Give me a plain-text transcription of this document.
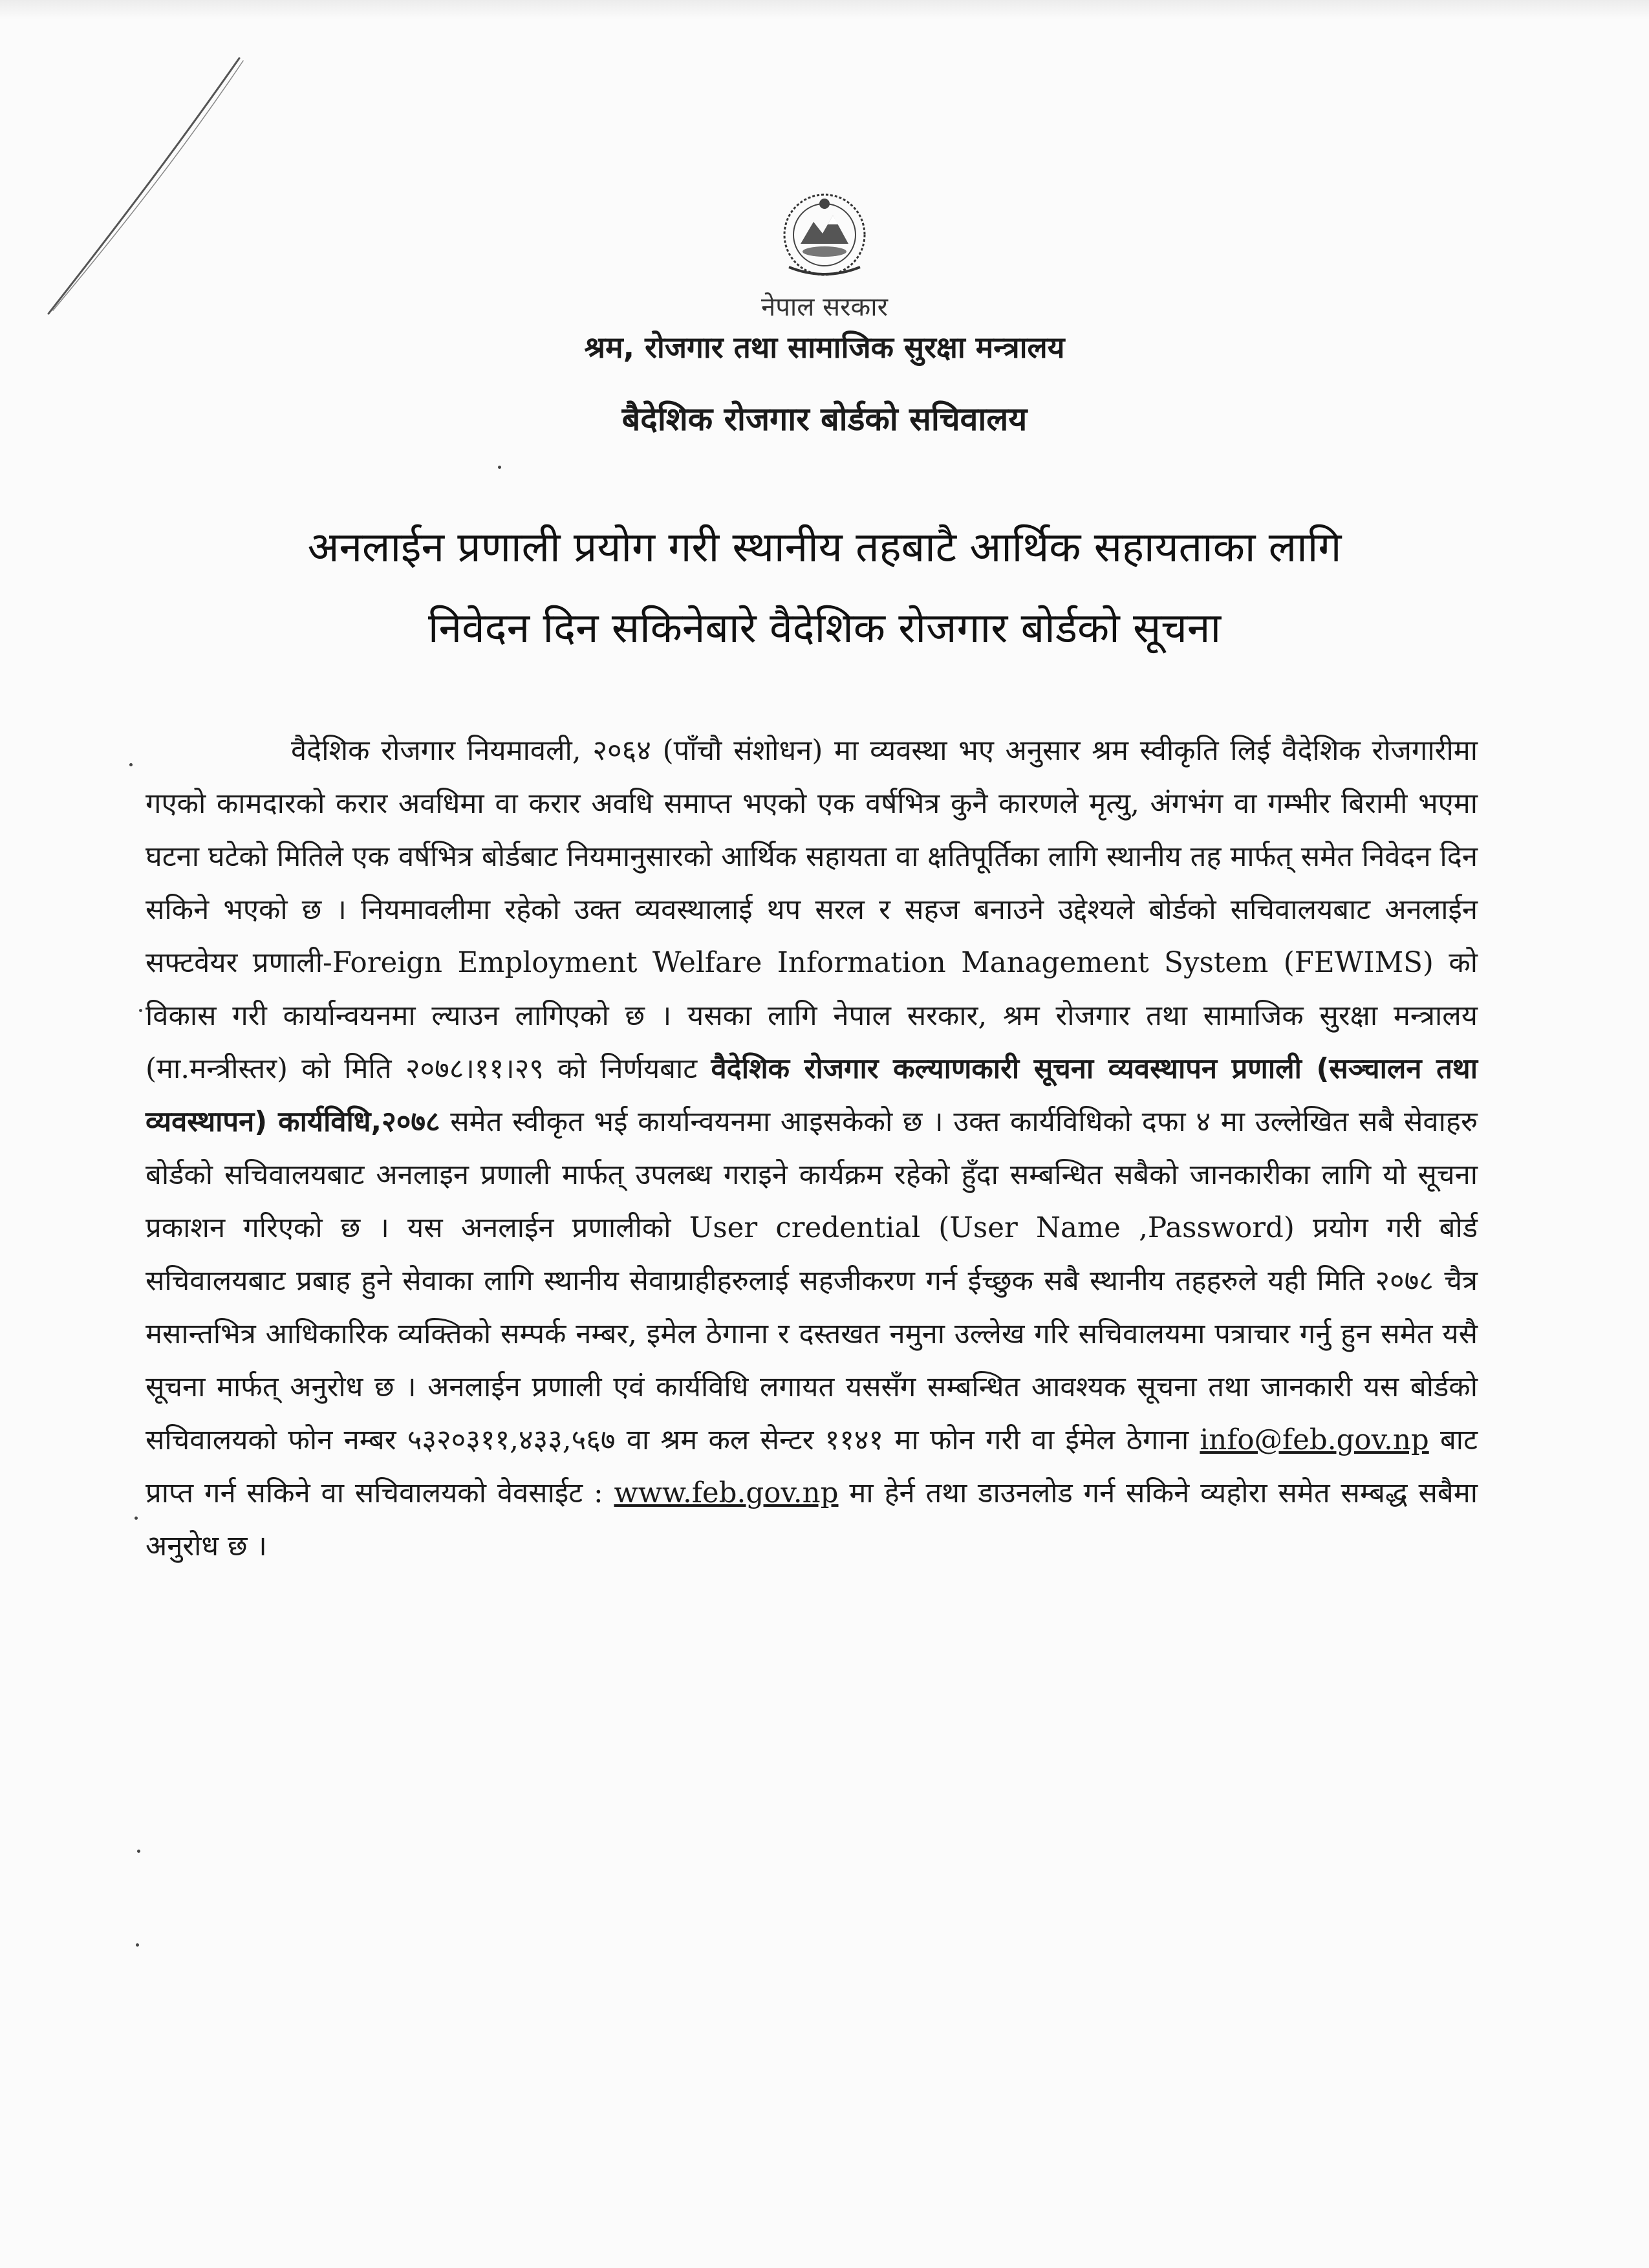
नेपाल सरकार
श्रम, रोजगार तथा सामाजिक सुरक्षा मन्त्रालय
बैदेशिक रोजगार बोर्डको सचिवालय
अनलाईन प्रणाली प्रयोग गरी स्थानीय तहबाटै आर्थिक सहायताका लागि
निवेदन दिन सकिनेबारे वैदेशिक रोजगार बोर्डको सूचना

वैदेशिक रोजगार नियमावली, २०६४ (पाँचौ संशोधन) मा व्यवस्था भए अनुसार श्रम स्वीकृति लिई वैदेशिक रोजगारीमा गएको कामदारको करार अवधिमा वा करार अवधि समाप्त भएको एक वर्षभित्र कुनै कारणले मृत्यु, अंगभंग वा गम्भीर बिरामी भएमा घटना घटेको मितिले एक वर्षभित्र बोर्डबाट नियमानुसारको आर्थिक सहायता वा क्षतिपूर्तिका लागि स्थानीय तह मार्फत् समेत निवेदन दिन सकिने भएको छ । नियमावलीमा रहेको उक्त व्यवस्थालाई थप सरल र सहज बनाउने उद्देश्यले बोर्डको सचिवालयबाट अनलाईन सफ्टवेयर प्रणाली-Foreign Employment Welfare Information Management System (FEWIMS) को विकास गरी कार्यान्वयनमा ल्याउन लागिएको छ । यसका लागि नेपाल सरकार, श्रम रोजगार तथा सामाजिक सुरक्षा मन्त्रालय (मा.मन्त्रीस्तर) को मिति २०७८।११।२९ को निर्णयबाट वैदेशिक रोजगार कल्याणकारी सूचना व्यवस्थापन प्रणाली (सञ्चालन तथा व्यवस्थापन) कार्यविधि,२०७८ समेत स्वीकृत भई कार्यान्वयनमा आइसकेको छ । उक्त कार्यविधिको दफा ४ मा उल्लेखित सबै सेवाहरु बोर्डको सचिवालयबाट अनलाइन प्रणाली मार्फत् उपलब्ध गराइने कार्यक्रम रहेको हुँदा सम्बन्धित सबैको जानकारीका लागि यो सूचना प्रकाशन गरिएको छ । यस अनलाईन प्रणालीको User credential (User Name ,Password) प्रयोग गरी बोर्ड सचिवालयबाट प्रबाह हुने सेवाका लागि स्थानीय सेवाग्राहीहरुलाई सहजीकरण गर्न ईच्छुक सबै स्थानीय तहहरुले यही मिति २०७८ चैत्र मसान्तभित्र आधिकारिक व्यक्तिको सम्पर्क नम्बर, इमेल ठेगाना र दस्तखत नमुना उल्लेख गरि सचिवालयमा पत्राचार गर्नु हुन समेत यसै सूचना मार्फत् अनुरोध छ । अनलाईन प्रणाली एवं कार्यविधि लगायत यससँग सम्बन्धित आवश्यक सूचना तथा जानकारी यस बोर्डको सचिवालयको फोन नम्बर ५३२०३११,४३३,५६७ वा श्रम कल सेन्टर ११४१ मा फोन गरी वा ईमेल ठेगाना info@feb.gov.np बाट प्राप्त गर्न सकिने वा सचिवालयको वेवसाईट : www.feb.gov.np मा हेर्न तथा डाउनलोड गर्न सकिने व्यहोरा समेत सम्बद्ध सबैमा अनुरोध छ ।
